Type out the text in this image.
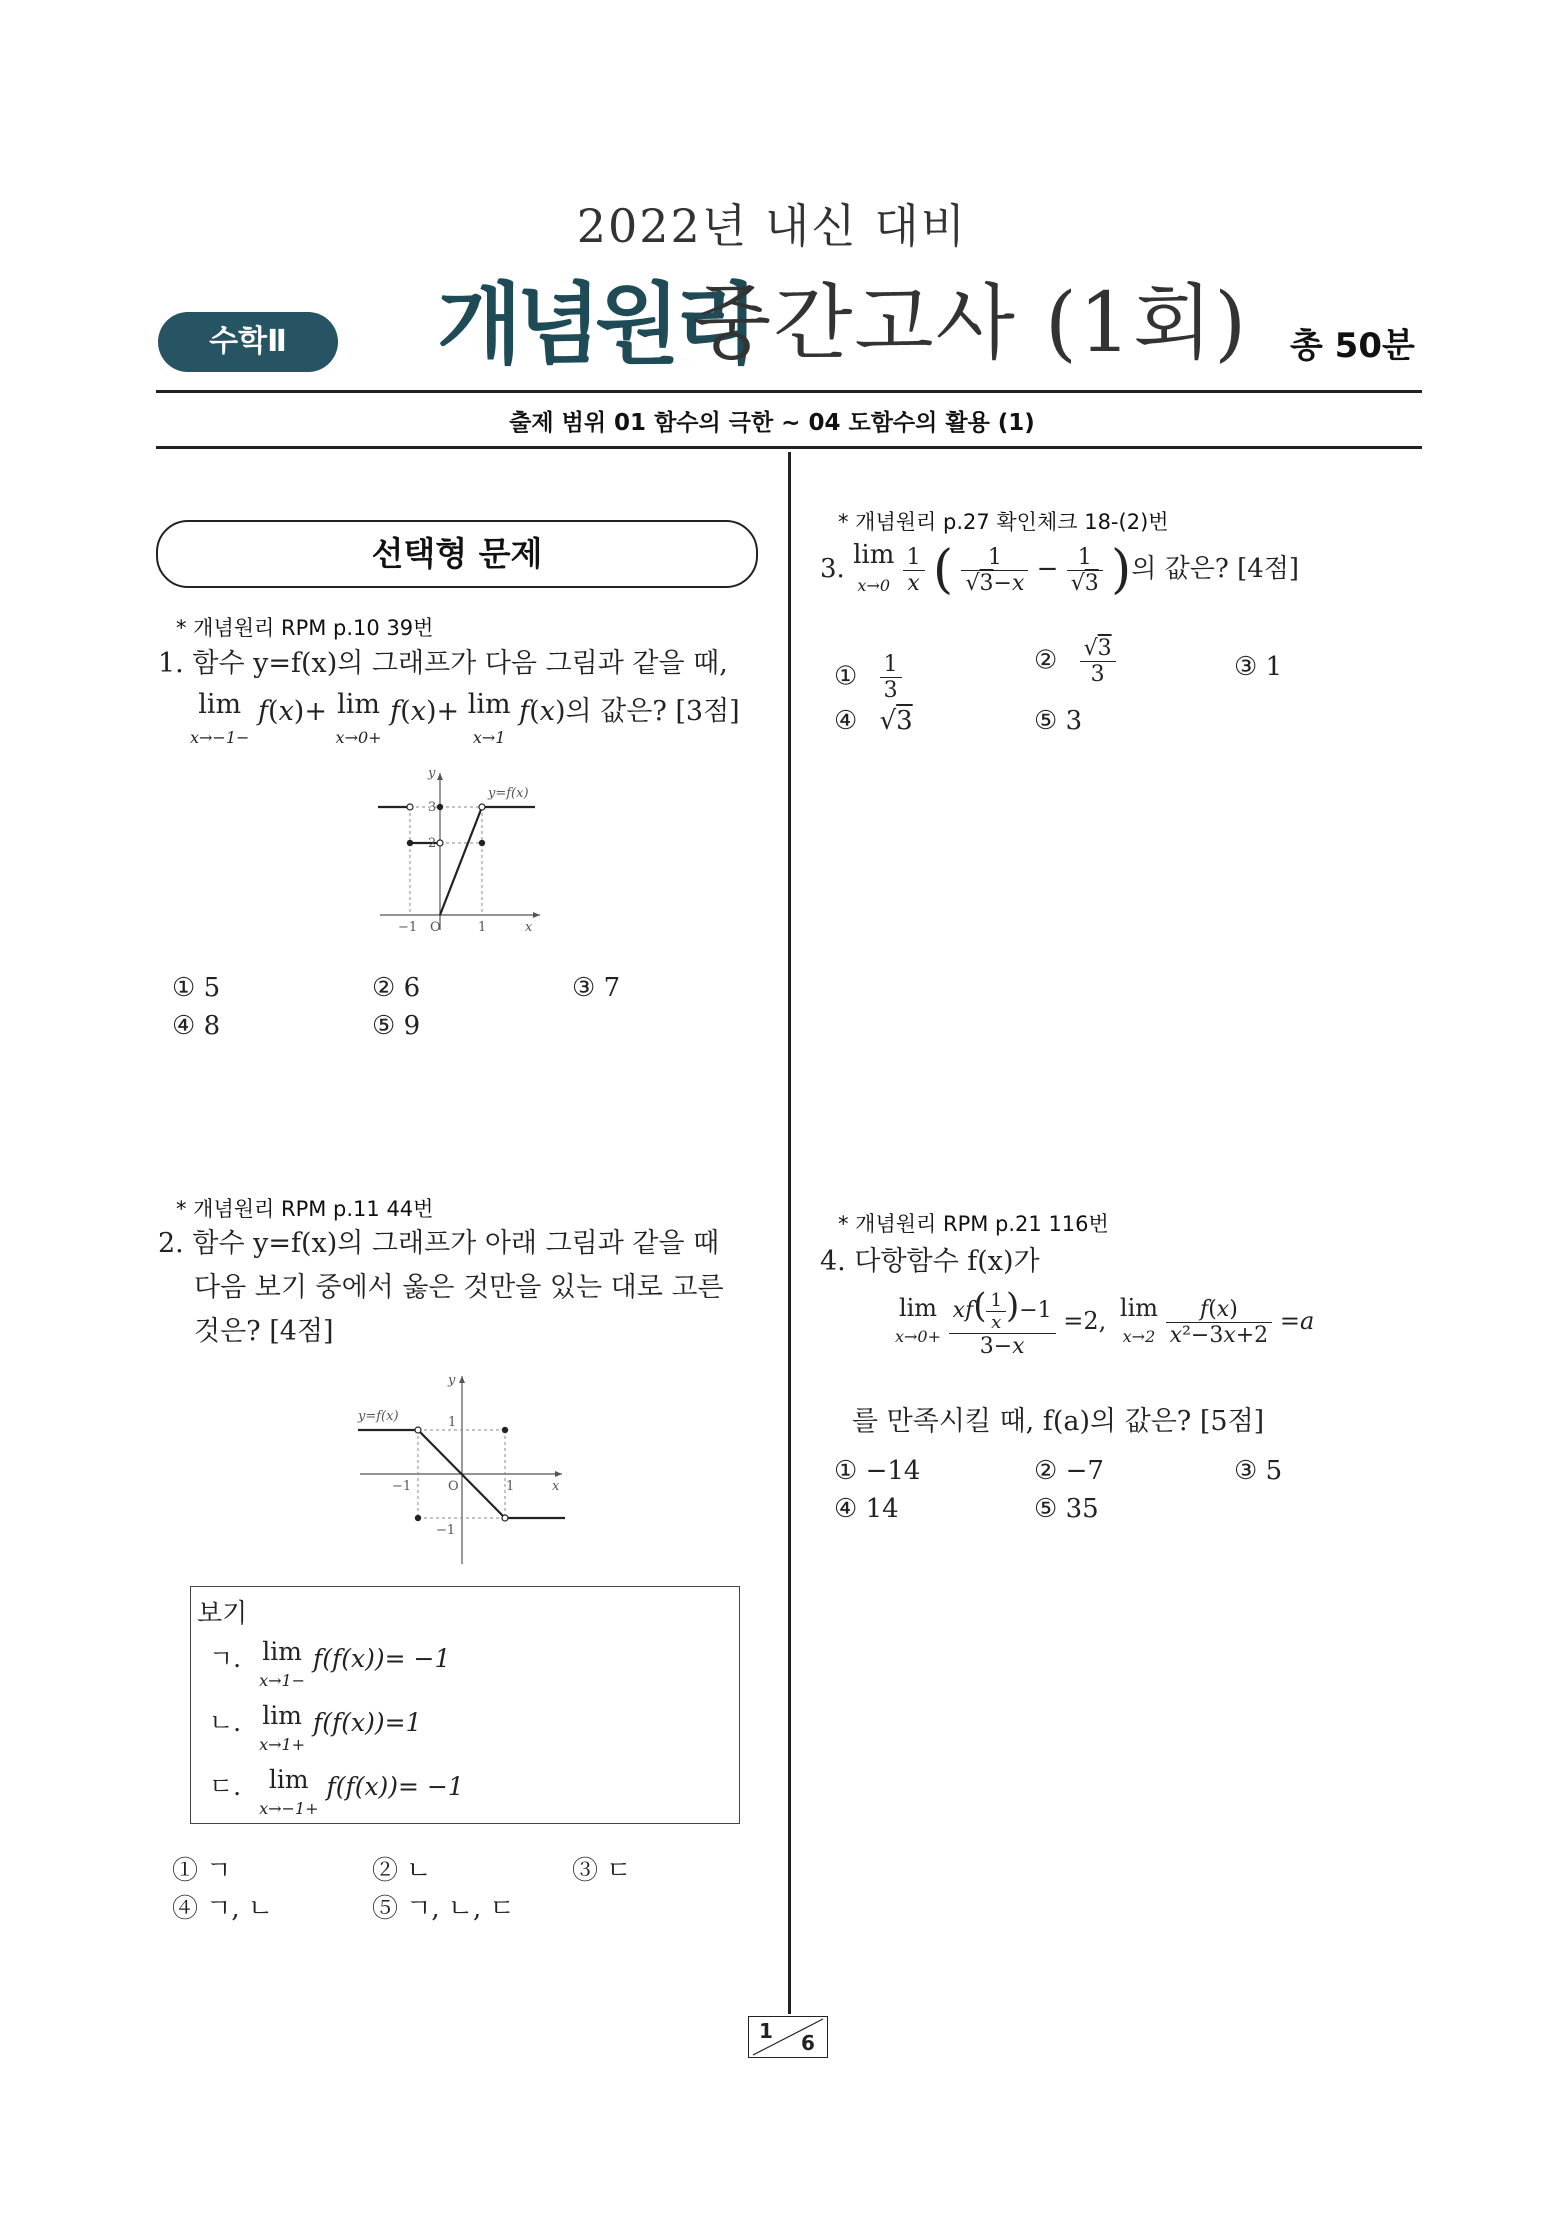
2022년 내신 대비
개념원리
중간고사 (1회)
수학Ⅱ	총 50분
출제 범위 01 함수의 극한 ~ 04 도함수의 활용 (1)
선택형 문제
* 개념원리 RPM p.10 39번
1. 함수 y=f(x)의 그래프가 다음 그림과 같을 때,
lim
x→−1− f(x)+ lim
x→0+ f(x)+ lim
x→1 f(x)의 값은? [3점]
y
3
2
−1 O	1	x
y=f(x)
① 5	② 6	③ 7
④ 8	⑤ 9
* 개념원리 RPM p.11 44번
2. 함수 y=f(x)의 그래프가 아래 그림과 같을 때
다음 보기 중에서 옳은 것만을 있는 대로 고른
것은? [4점]
y
1
−1	O	1	x
−1
y=f(x)
보기
ㄱ. lim
x→1− f(f(x))= −1
ㄴ. lim
x→1+ f(f(x))=1
ㄷ. lim
x→−1+ f(f(x))= −1
① ㄱ	② ㄴ	③ ㄷ
④ ㄱ, ㄴ	⑤ ㄱ, ㄴ, ㄷ
* 개념원리 p.27 확인체크 18-(2)번
3. lim
$x\to 0 \frac{1}{x}$ ( $\frac{1}{√3-x} - \frac{1}{√3}$ )의 값은? [4점]
① $\frac{1}{3}$	② $\frac{√3}{3}$	③ 1
④ √3	⑤ 3
* 개념원리 RPM p.21 116번
4. 다항함수 f(x)가
lim
$x\to 0+ \frac{xf( \frac{1}{x} )-1}{3-x} =2$, lim
$x\to 2 \frac{f(x)}{\text{x²−3x+2}} =a$
를 만족시킬 때, f(a)의 값은? [5점]
① −14	② −7	③ 5
④ 14	⑤ 35
1 6
